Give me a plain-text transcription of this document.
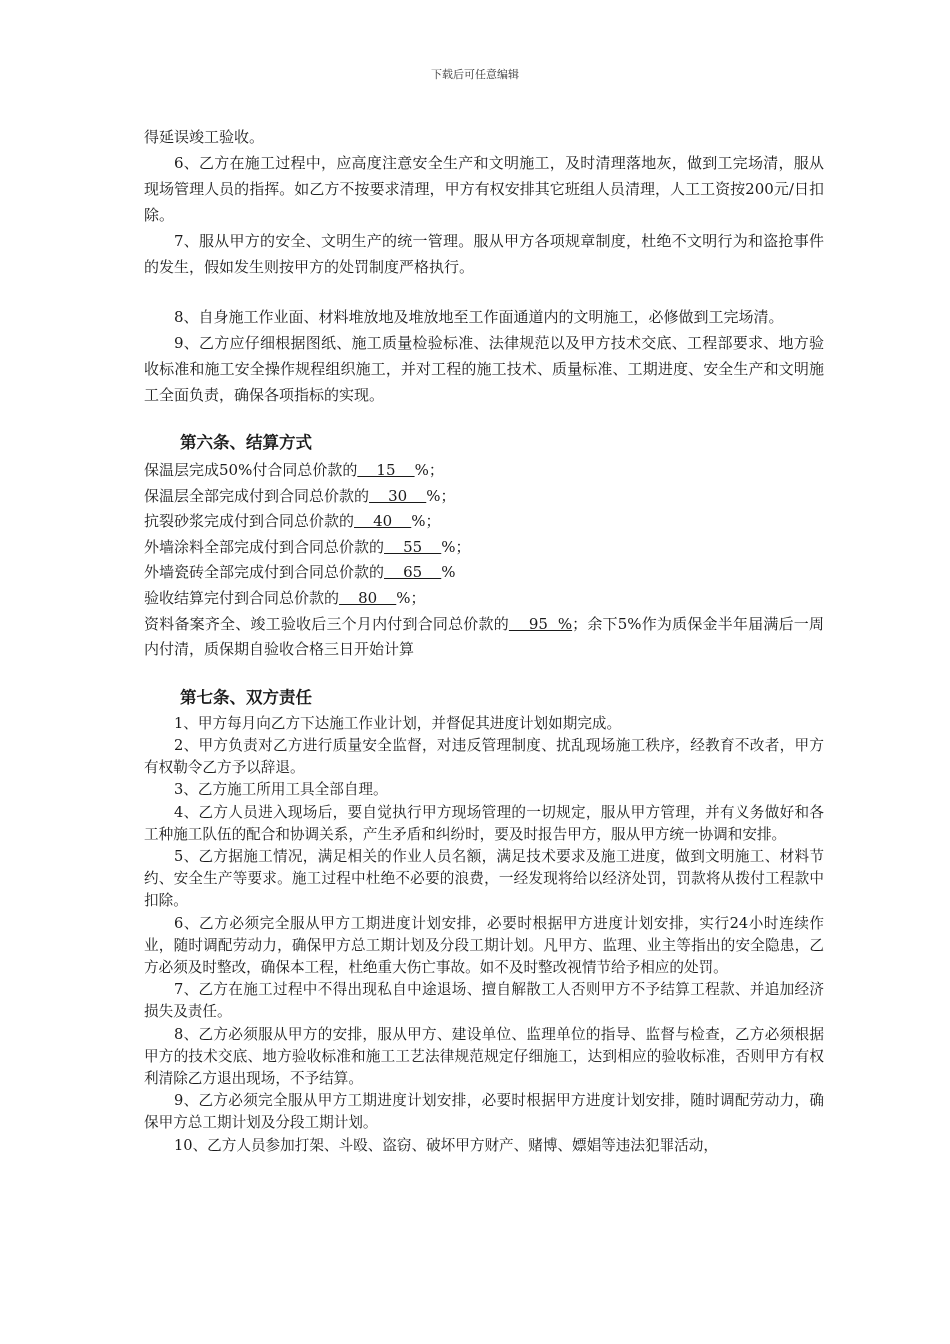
下载后可任意编辑

得延误竣工验收。

6、乙方在施工过程中，应高度注意安全生产和文明施工，及时清理落地灰，做到工完场清，服从现场管理人员的指挥。如乙方不按要求清理，甲方有权安排其它班组人员清理，人工工资按200元/日扣除。

7、服从甲方的安全、文明生产的统一管理。服从甲方各项规章制度，杜绝不文明行为和盗抢事件的发生，假如发生则按甲方的处罚制度严格执行。

8、自身施工作业面、材料堆放地及堆放地至工作面通道内的文明施工，必修做到工完场清。

9、乙方应仔细根据图纸、施工质量检验标准、法律规范以及甲方技术交底、工程部要求、地方验收标准和施工安全操作规程组织施工，并对工程的施工技术、质量标准、工期进度、安全生产和文明施工全面负责，确保各项指标的实现。

第六条、结算方式

保温层完成50%付合同总价款的    15    %；

保温层全部完成付到合同总价款的    30    %；

抗裂砂浆完成付到合同总价款的    40    %；

外墙涂料全部完成付到合同总价款的    55    %；

外墙瓷砖全部完成付到合同总价款的    65    %

验收结算完付到合同总价款的    80    %；

资料备案齐全、竣工验收后三个月内付到合同总价款的    95  %；余下5%作为质保金半年届满后一周内付清，质保期自验收合格三日开始计算

第七条、双方责任

1、甲方每月向乙方下达施工作业计划，并督促其进度计划如期完成。

2、甲方负责对乙方进行质量安全监督，对违反管理制度、扰乱现场施工秩序，经教育不改者，甲方有权勒令乙方予以辞退。

3、乙方施工所用工具全部自理。

4、乙方人员进入现场后，要自觉执行甲方现场管理的一切规定，服从甲方管理，并有义务做好和各工种施工队伍的配合和协调关系，产生矛盾和纠纷时，要及时报告甲方，服从甲方统一协调和安排。

5、乙方据施工情况，满足相关的作业人员名额，满足技术要求及施工进度，做到文明施工、材料节约、安全生产等要求。施工过程中杜绝不必要的浪费，一经发现将给以经济处罚，罚款将从拨付工程款中扣除。

6、乙方必须完全服从甲方工期进度计划安排，必要时根据甲方进度计划安排，实行24小时连续作业，随时调配劳动力，确保甲方总工期计划及分段工期计划。凡甲方、监理、业主等指出的安全隐患，乙方必须及时整改，确保本工程，杜绝重大伤亡事故。如不及时整改视情节给予相应的处罚。

7、乙方在施工过程中不得出现私自中途退场、擅自解散工人否则甲方不予结算工程款、并追加经济损失及责任。

8、乙方必须服从甲方的安排，服从甲方、建设单位、监理单位的指导、监督与检查，乙方必须根据甲方的技术交底、地方验收标准和施工工艺法律规范规定仔细施工，达到相应的验收标准，否则甲方有权利清除乙方退出现场，不予结算。

9、乙方必须完全服从甲方工期进度计划安排，必要时根据甲方进度计划安排，随时调配劳动力，确保甲方总工期计划及分段工期计划。

10、乙方人员参加打架、斗殴、盗窃、破坏甲方财产、赌博、嫖娼等违法犯罪活动，
